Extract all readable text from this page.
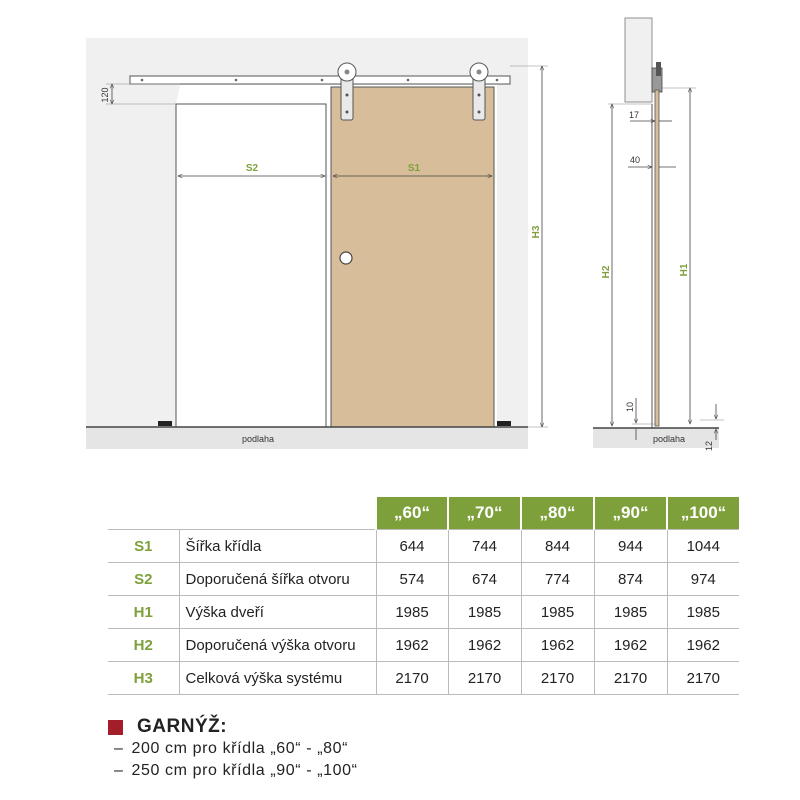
podlaha
120
S2	S1
H3
podlaha
17
40
H2	H1
10
12
		„60“	„70“	„80“	„90“	„100“
S1	Šířka křídla	644	744	844	944	1044
S2	Doporučená šířka otvoru	574	674	774	874	974
H1	Výška dveří	1985	1985	1985	1985	1985
H2	Doporučená výška otvoru	1962	1962	1962	1962	1962
H3	Celková výška systému	2170	2170	2170	2170	2170
GARNÝŽ:
– 200 cm pro křídla „60“ - „80“
– 250 cm pro křídla „90“ - „100“
